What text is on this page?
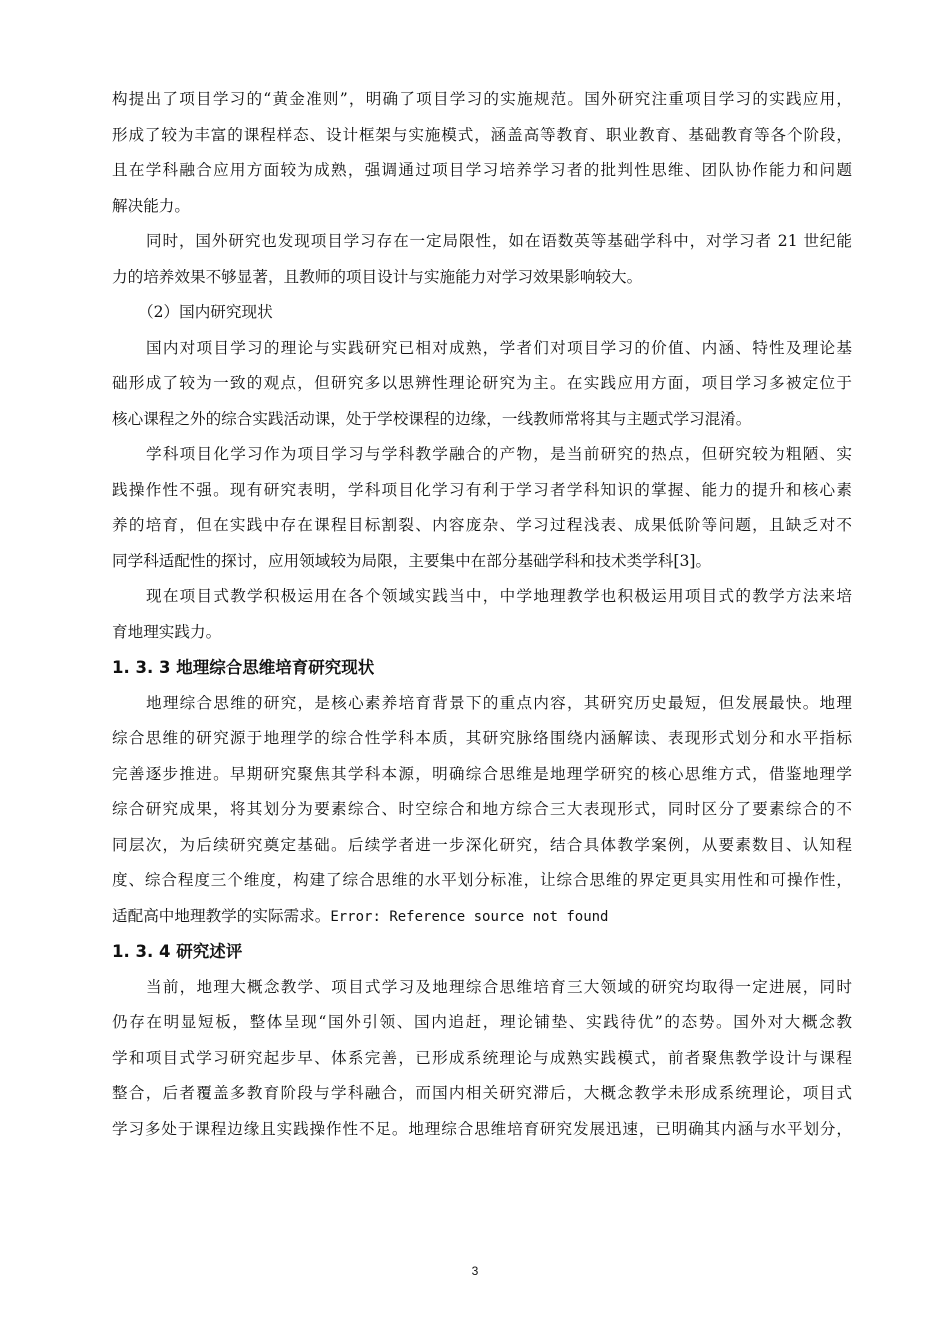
构提出了项目学习的“黄金准则”，明确了项目学习的实施规范。国外研究注重项目学习的实践应用，
形成了较为丰富的课程样态、设计框架与实施模式，涵盖高等教育、职业教育、基础教育等各个阶段，
且在学科融合应用方面较为成熟，强调通过项目学习培养学习者的批判性思维、团队协作能力和问题
解决能力。
同时，国外研究也发现项目学习存在一定局限性，如在语数英等基础学科中，对学习者 21 世纪能
力的培养效果不够显著，且教师的项目设计与实施能力对学习效果影响较大。
（2）国内研究现状
国内对项目学习的理论与实践研究已相对成熟，学者们对项目学习的价值、内涵、特性及理论基
础形成了较为一致的观点，但研究多以思辨性理论研究为主。在实践应用方面，项目学习多被定位于
核心课程之外的综合实践活动课，处于学校课程的边缘，一线教师常将其与主题式学习混淆。
学科项目化学习作为项目学习与学科教学融合的产物，是当前研究的热点，但研究较为粗陋、实
践操作性不强。现有研究表明，学科项目化学习有利于学习者学科知识的掌握、能力的提升和核心素
养的培育，但在实践中存在课程目标割裂、内容庞杂、学习过程浅表、成果低阶等问题，且缺乏对不
同学科适配性的探讨，应用领域较为局限，主要集中在部分基础学科和技术类学科[3]。
现在项目式教学积极运用在各个领域实践当中，中学地理教学也积极运用项目式的教学方法来培
育地理实践力。
1. 3. 3 地理综合思维培育研究现状
地理综合思维的研究，是核心素养培育背景下的重点内容，其研究历史最短，但发展最快。地理
综合思维的研究源于地理学的综合性学科本质，其研究脉络围绕内涵解读、表现形式划分和水平指标
完善逐步推进。早期研究聚焦其学科本源，明确综合思维是地理学研究的核心思维方式，借鉴地理学
综合研究成果，将其划分为要素综合、时空综合和地方综合三大表现形式，同时区分了要素综合的不
同层次，为后续研究奠定基础。后续学者进一步深化研究，结合具体教学案例，从要素数目、认知程
度、综合程度三个维度，构建了综合思维的水平划分标准，让综合思维的界定更具实用性和可操作性，
适配高中地理教学的实际需求。Error: Reference source not found
1. 3. 4 研究述评
当前，地理大概念教学、项目式学习及地理综合思维培育三大领域的研究均取得一定进展，同时
仍存在明显短板，整体呈现“国外引领、国内追赶，理论铺垫、实践待优”的态势。国外对大概念教
学和项目式学习研究起步早、体系完善，已形成系统理论与成熟实践模式，前者聚焦教学设计与课程
整合，后者覆盖多教育阶段与学科融合，而国内相关研究滞后，大概念教学未形成系统理论，项目式
学习多处于课程边缘且实践操作性不足。地理综合思维培育研究发展迅速，已明确其内涵与水平划分，
3
